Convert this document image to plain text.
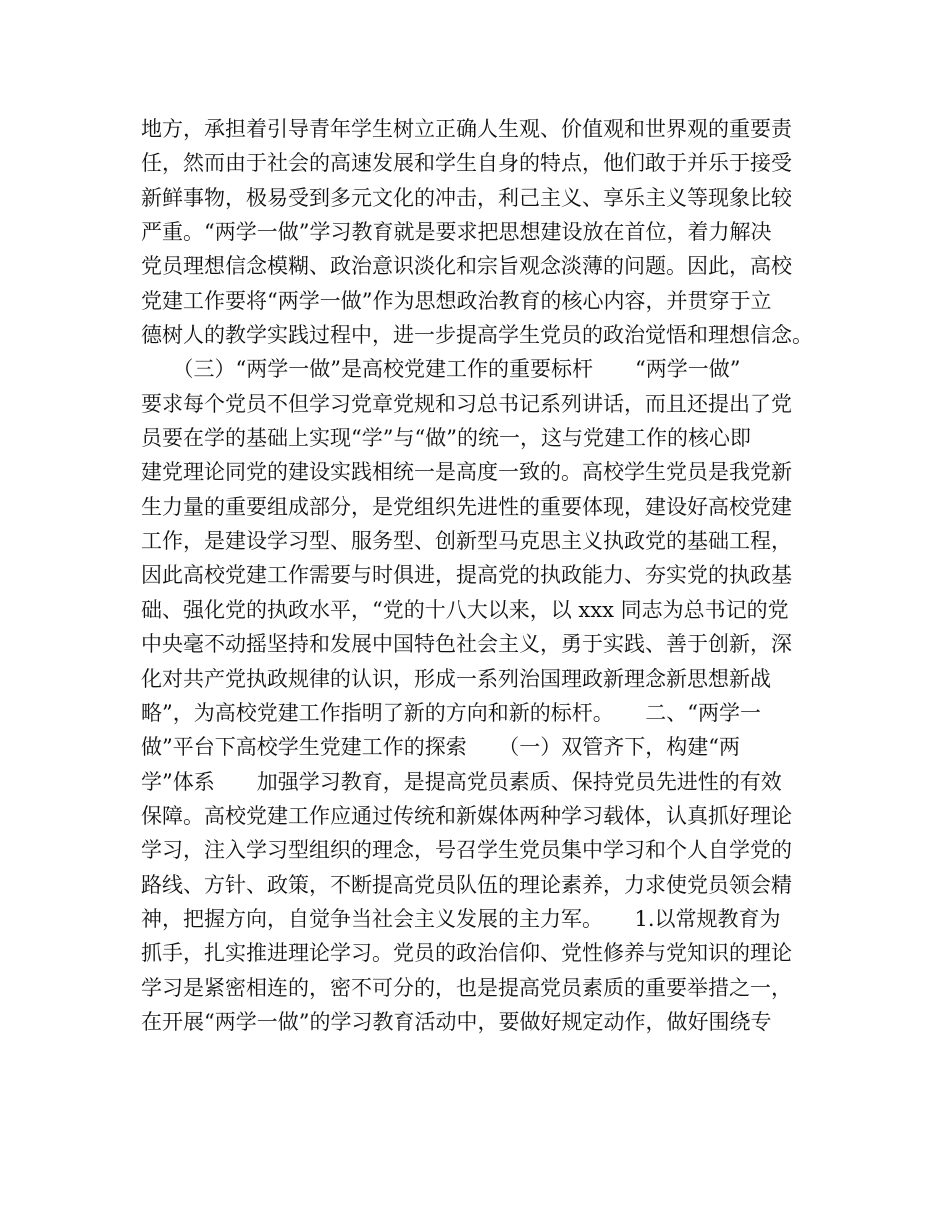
地方，承担着引导青年学生树立正确人生观、价值观和世界观的重要责
任，然而由于社会的高速发展和学生自身的特点，他们敢于并乐于接受
新鲜事物，极易受到多元文化的冲击，利己主义、享乐主义等现象比较
严重。“两学一做”学习教育就是要求把思想建设放在首位，着力解决
党员理想信念模糊、政治意识淡化和宗旨观念淡薄的问题。因此，高校
党建工作要将“两学一做”作为思想政治教育的核心内容，并贯穿于立
德树人的教学实践过程中，进一步提高学生党员的政治觉悟和理想信念。
　　（三）“两学一做”是高校党建工作的重要标杆　　“两学一做”
要求每个党员不但学习党章党规和习总书记系列讲话，而且还提出了党
员要在学的基础上实现“学”与“做”的统一，这与党建工作的核心即
建党理论同党的建设实践相统一是高度一致的。高校学生党员是我党新
生力量的重要组成部分，是党组织先进性的重要体现，建设好高校党建
工作，是建设学习型、服务型、创新型马克思主义执政党的基础工程，
因此高校党建工作需要与时俱进，提高党的执政能力、夯实党的执政基
础、强化党的执政水平，“党的十八大以来，以 xxx 同志为总书记的党
中央毫不动摇坚持和发展中国特色社会主义，勇于实践、善于创新，深
化对共产党执政规律的认识，形成一系列治国理政新理念新思想新战
略”，为高校党建工作指明了新的方向和新的标杆。　　二、“两学一
做”平台下高校学生党建工作的探索　　（一）双管齐下，构建“两
学”体系　　加强学习教育，是提高党员素质、保持党员先进性的有效
保障。高校党建工作应通过传统和新媒体两种学习载体，认真抓好理论
学习，注入学习型组织的理念，号召学生党员集中学习和个人自学党的
路线、方针、政策，不断提高党员队伍的理论素养，力求使党员领会精
神，把握方向，自觉争当社会主义发展的主力军。　　1.以常规教育为
抓手，扎实推进理论学习。党员的政治信仰、党性修养与党知识的理论
学习是紧密相连的，密不可分的，也是提高党员素质的重要举措之一，
在开展“两学一做”的学习教育活动中，要做好规定动作，做好围绕专
